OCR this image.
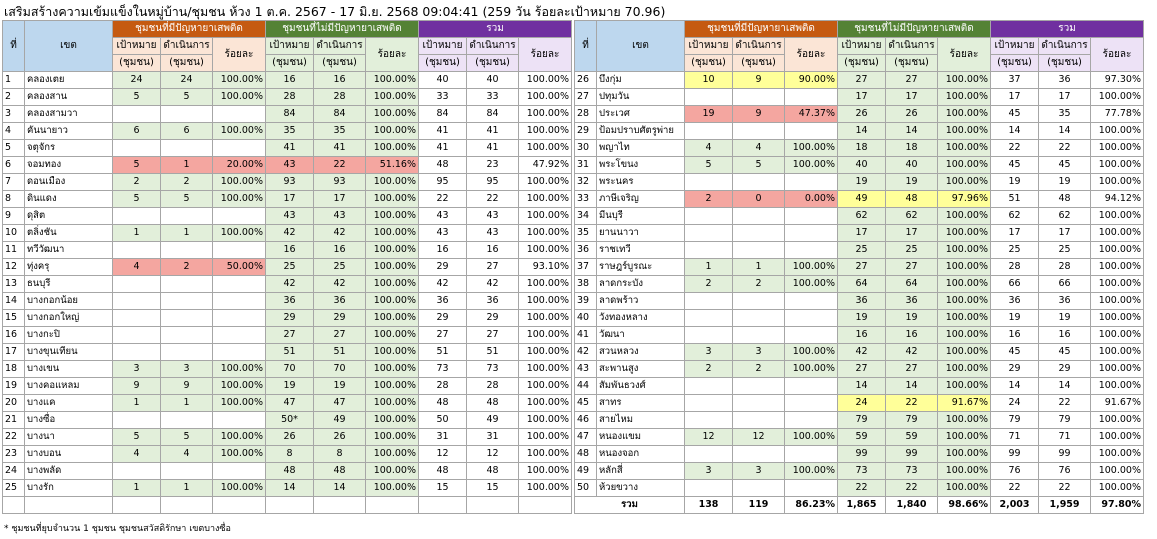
เสริมสร้างความเข้มแข็งในหมู่บ้าน/ชุมชน ห้วง 1 ต.ค. 2567 - 17 มิ.ย. 2568 09:04:41 (259 วัน ร้อยละเป้าหมาย 70.96)
ที่	เขต	ชุมชนที่มีปัญหายาเสพติด			ชุมชนที่ไม่มีปัญหายาเสพติด			รวม		
		เป้าหมาย	ดำเนินการ	ร้อยละ	เป้าหมาย	ดำเนินการ	ร้อยละ	เป้าหมาย	ดำเนินการ	ร้อยละ
		(ชุมชน)	(ชุมชน)		(ชุมชน)	(ชุมชน)		(ชุมชน)	(ชุมชน)	
1	คลองเตย	24	24	100.00%	16	16	100.00%	40	40	100.00%
2	คลองสาน	5	5	100.00%	28	28	100.00%	33	33	100.00%
3	คลองสามวา				84	84	100.00%	84	84	100.00%
4	คันนายาว	6	6	100.00%	35	35	100.00%	41	41	100.00%
5	จตุจักร				41	41	100.00%	41	41	100.00%
6	จอมทอง	5	1	20.00%	43	22	51.16%	48	23	47.92%
7	ดอนเมือง	2	2	100.00%	93	93	100.00%	95	95	100.00%
8	ดินแดง	5	5	100.00%	17	17	100.00%	22	22	100.00%
9	ดุสิต				43	43	100.00%	43	43	100.00%
10	ตลิ่งชัน	1	1	100.00%	42	42	100.00%	43	43	100.00%
11	ทวีวัฒนา				16	16	100.00%	16	16	100.00%
12	ทุ่งครุ	4	2	50.00%	25	25	100.00%	29	27	93.10%
13	ธนบุรี				42	42	100.00%	42	42	100.00%
14	บางกอกน้อย				36	36	100.00%	36	36	100.00%
15	บางกอกใหญ่				29	29	100.00%	29	29	100.00%
16	บางกะปิ				27	27	100.00%	27	27	100.00%
17	บางขุนเทียน				51	51	100.00%	51	51	100.00%
18	บางเขน	3	3	100.00%	70	70	100.00%	73	73	100.00%
19	บางคอแหลม	9	9	100.00%	19	19	100.00%	28	28	100.00%
20	บางแค	1	1	100.00%	47	47	100.00%	48	48	100.00%
21	บางซื่อ				50*	49	100.00%	50	49	100.00%
22	บางนา	5	5	100.00%	26	26	100.00%	31	31	100.00%
23	บางบอน	4	4	100.00%	8	8	100.00%	12	12	100.00%
24	บางพลัด				48	48	100.00%	48	48	100.00%
25	บางรัก	1	1	100.00%	14	14	100.00%	15	15	100.00%

ที่	เขต	ชุมชนที่มีปัญหายาเสพติด			ชุมชนที่ไม่มีปัญหายาเสพติด			รวม		
		เป้าหมาย	ดำเนินการ	ร้อยละ	เป้าหมาย	ดำเนินการ	ร้อยละ	เป้าหมาย	ดำเนินการ	ร้อยละ
		(ชุมชน)	(ชุมชน)		(ชุมชน)	(ชุมชน)		(ชุมชน)	(ชุมชน)	
26	บึงกุ่ม	10	9	90.00%	27	27	100.00%	37	36	97.30%
27	ปทุมวัน				17	17	100.00%	17	17	100.00%
28	ประเวศ	19	9	47.37%	26	26	100.00%	45	35	77.78%
29	ป้อมปราบศัตรูพ่าย				14	14	100.00%	14	14	100.00%
30	พญาไท	4	4	100.00%	18	18	100.00%	22	22	100.00%
31	พระโขนง	5	5	100.00%	40	40	100.00%	45	45	100.00%
32	พระนคร				19	19	100.00%	19	19	100.00%
33	ภาษีเจริญ	2	0	0.00%	49	48	97.96%	51	48	94.12%
34	มีนบุรี				62	62	100.00%	62	62	100.00%
35	ยานนาวา				17	17	100.00%	17	17	100.00%
36	ราชเทวี				25	25	100.00%	25	25	100.00%
37	ราษฎร์บูรณะ	1	1	100.00%	27	27	100.00%	28	28	100.00%
38	ลาดกระบัง	2	2	100.00%	64	64	100.00%	66	66	100.00%
39	ลาดพร้าว				36	36	100.00%	36	36	100.00%
40	วังทองหลาง				19	19	100.00%	19	19	100.00%
41	วัฒนา				16	16	100.00%	16	16	100.00%
42	สวนหลวง	3	3	100.00%	42	42	100.00%	45	45	100.00%
43	สะพานสูง	2	2	100.00%	27	27	100.00%	29	29	100.00%
44	สัมพันธวงศ์				14	14	100.00%	14	14	100.00%
45	สาทร				24	22	91.67%	24	22	91.67%
46	สายไหม				79	79	100.00%	79	79	100.00%
47	หนองแขม	12	12	100.00%	59	59	100.00%	71	71	100.00%
48	หนองจอก				99	99	100.00%	99	99	100.00%
49	หลักสี่	3	3	100.00%	73	73	100.00%	76	76	100.00%
50	ห้วยขวาง				22	22	100.00%	22	22	100.00%
รวม		138	119	86.23%	1,865	1,840	98.66%	2,003	1,959	97.80%
* ชุมชนที่ยุบจำนวน 1 ชุมชน ชุมชนสวัสดิรักษา เขตบางซื่อ
